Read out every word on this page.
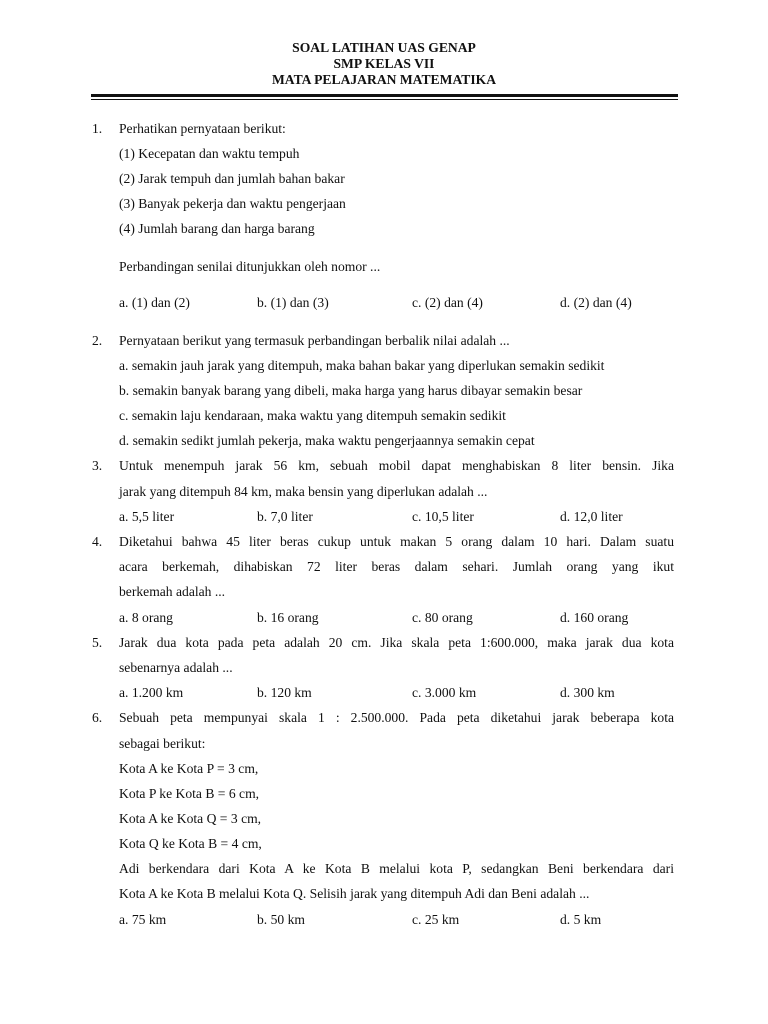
SOAL LATIHAN UAS GENAP
SMP KELAS VII
MATA PELAJARAN MATEMATIKA
1. Perhatikan pernyataan berikut:
(1) Kecepatan dan waktu tempuh
(2) Jarak tempuh dan jumlah bahan bakar
(3) Banyak pekerja dan waktu pengerjaan
(4) Jumlah barang dan harga barang
Perbandingan senilai ditunjukkan oleh nomor ...
a. (1) dan (2)	b. (1) dan (3)	c. (2) dan (4)	d. (2) dan (4)
2. Pernyataan berikut yang termasuk perbandingan berbalik nilai adalah ...
a. semakin jauh jarak yang ditempuh, maka bahan bakar yang diperlukan semakin sedikit
b. semakin banyak barang yang dibeli, maka harga yang harus dibayar semakin besar
c. semakin laju kendaraan, maka waktu yang ditempuh semakin sedikit
d. semakin sedikt jumlah pekerja, maka waktu pengerjaannya semakin cepat
3. Untuk menempuh jarak 56 km, sebuah mobil dapat menghabiskan 8 liter bensin. Jika
jarak yang ditempuh 84 km, maka bensin yang diperlukan adalah ...
a. 5,5 liter	b. 7,0 liter	c. 10,5 liter	d. 12,0 liter
4. Diketahui bahwa 45 liter beras cukup untuk makan 5 orang dalam 10 hari. Dalam suatu
acara berkemah, dihabiskan 72 liter beras dalam sehari. Jumlah orang yang ikut
berkemah adalah ...
a. 8 orang	b. 16 orang	c. 80 orang	d. 160 orang
5. Jarak dua kota pada peta adalah 20 cm. Jika skala peta 1:600.000, maka jarak dua kota
sebenarnya adalah ...
a. 1.200 km	b. 120 km	c. 3.000 km	d. 300 km
6. Sebuah peta mempunyai skala 1 : 2.500.000. Pada peta diketahui jarak beberapa kota
sebagai berikut:
Kota A ke Kota P = 3 cm,
Kota P ke Kota B = 6 cm,
Kota A ke Kota Q = 3 cm,
Kota Q ke Kota B = 4 cm,
Adi berkendara dari Kota A ke Kota B melalui kota P, sedangkan Beni berkendara dari
Kota A ke Kota B melalui Kota Q. Selisih jarak yang ditempuh Adi dan Beni adalah ...
a. 75 km	b. 50 km	c. 25 km	d. 5 km
